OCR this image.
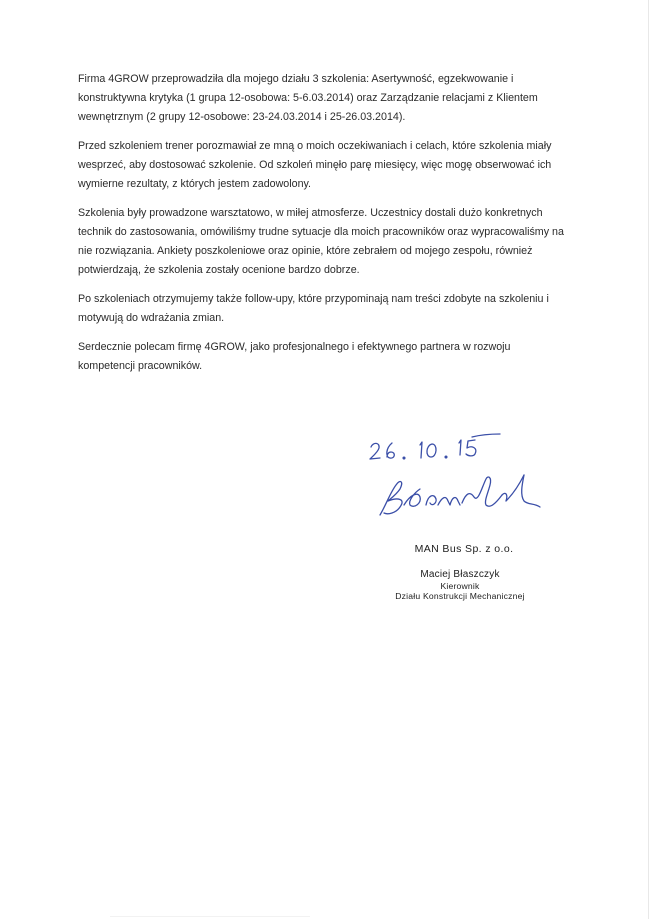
Firma 4GROW przeprowadziła dla mojego działu 3 szkolenia: Asertywność, egzekwowanie i konstruktywna krytyka (1 grupa 12-osobowa: 5-6.03.2014) oraz Zarządzanie relacjami z Klientem wewnętrznym (2 grupy 12-osobowe: 23-24.03.2014 i 25-26.03.2014).

Przed szkoleniem trener porozmawiał ze mną o moich oczekiwaniach i celach, które szkolenia miały wesprzeć, aby dostosować szkolenie. Od szkoleń minęło parę miesięcy, więc mogę obserwować ich wymierne rezultaty, z których jestem zadowolony.

Szkolenia były prowadzone warsztatowo, w miłej atmosferze. Uczestnicy dostali dużo konkretnych technik do zastosowania, omówiliśmy trudne sytuacje dla moich pracowników oraz wypracowaliśmy na nie rozwiązania. Ankiety poszkoleniowe oraz opinie, które zebrałem od mojego zespołu, również potwierdzają, że szkolenia zostały ocenione bardzo dobrze.

Po szkoleniach otrzymujemy także follow-upy, które przypominają nam treści zdobyte na szkoleniu i motywują do wdrażania zmian.

Serdecznie polecam firmę 4GROW, jako profesjonalnego i efektywnego partnera w rozwoju kompetencji pracowników.

MAN Bus Sp. z o.o.
Maciej Błaszczyk
Kierownik
Działu Konstrukcji Mechanicznej
